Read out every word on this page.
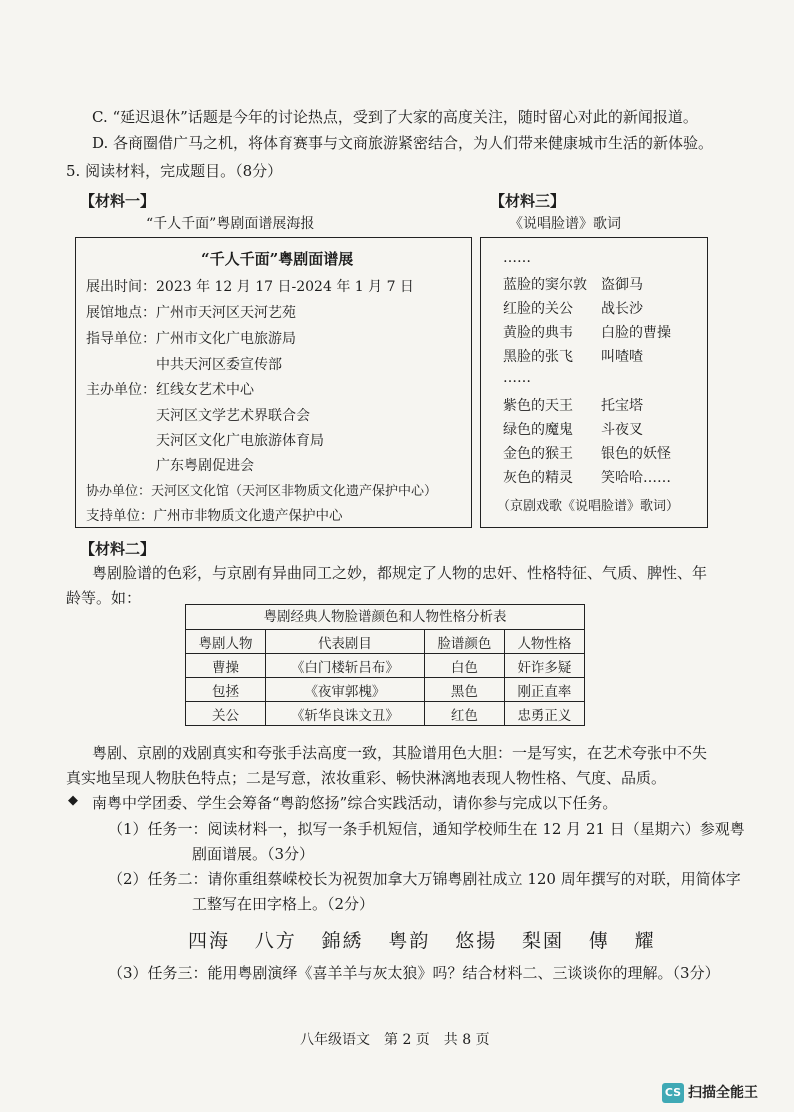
C. “延迟退休”话题是今年的讨论热点，受到了大家的高度关注，随时留心对此的新闻报道。
D. 各商圈借广马之机，将体育赛事与文商旅游紧密结合，为人们带来健康城市生活的新体验。
5. 阅读材料，完成题目。（8分）
【材料一】
“千人千面”粤剧面谱展海报
“千人千面”粤剧面谱展
展出时间：2023 年 12 月 17 日-2024 年 1 月 7 日
展馆地点：广州市天河区天河艺苑
指导单位：广州市文化广电旅游局
　　　　　中共天河区委宣传部
主办单位：红线女艺术中心
　　　　　天河区文学艺术界联合会
　　　　　天河区文化广电旅游体育局
　　　　　广东粤剧促进会
协办单位：天河区文化馆（天河区非物质文化遗产保护中心）
支持单位：广州市非物质文化遗产保护中心
【材料三】
《说唱脸谱》歌词
……
蓝脸的窦尔敦　盗御马
红脸的关公　　战长沙
黄脸的典韦　　白脸的曹操
黑脸的张飞　　叫喳喳
……
紫色的天王　　托宝塔
绿色的魔鬼　　斗夜叉
金色的猴王　　银色的妖怪
灰色的精灵　　笑哈哈……
（京剧戏歌《说唱脸谱》歌词）
【材料二】
粤剧脸谱的色彩，与京剧有异曲同工之妙，都规定了人物的忠奸、性格特征、气质、脾性、年
龄等。如：
粤剧经典人物脸谱颜色和人物性格分析表
粤剧人物	代表剧目	脸谱颜色	人物性格
曹操	《白门楼斩吕布》	白色	奸诈多疑
包拯	《夜审郭槐》	黑色	刚正直率
关公	《斩华良诛文丑》	红色	忠勇正义
粤剧、京剧的戏剧真实和夸张手法高度一致，其脸谱用色大胆：一是写实，在艺术夸张中不失
真实地呈现人物肤色特点；二是写意，浓妆重彩、畅快淋漓地表现人物性格、气度、品质。
◆ 南粤中学团委、学生会筹备“粤韵悠扬”综合实践活动，请你参与完成以下任务。
（1）任务一：阅读材料一，拟写一条手机短信，通知学校师生在 12 月 21 日（星期六）参观粤
剧面谱展。（3分）
（2）任务二：请你重组蔡嵘校长为祝贺加拿大万锦粤剧社成立 120 周年撰写的对联，用简体字
工整写在田字格上。（2分）
四海 八方 錦綉 粤韵 悠揚 梨園 傳 耀
（3）任务三：能用粤剧演绎《喜羊羊与灰太狼》吗？结合材料二、三谈谈你的理解。（3分）
八年级语文　第 2 页　共 8 页
CS 扫描全能王
